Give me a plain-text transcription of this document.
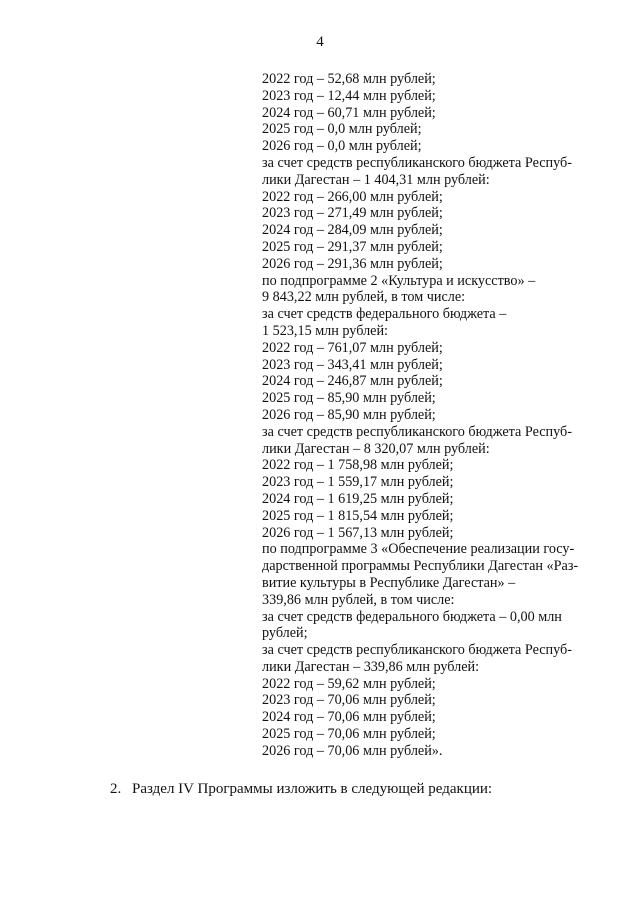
4
2022 год – 52,68 млн рублей;
2023 год – 12,44 млн рублей;
2024 год – 60,71 млн рублей;
2025 год – 0,0 млн рублей;
2026 год – 0,0 млн рублей;
за счет средств республиканского бюджета Респуб-
лики Дагестан – 1 404,31 млн рублей:
2022 год – 266,00 млн рублей;
2023 год – 271,49 млн рублей;
2024 год – 284,09 млн рублей;
2025 год – 291,37 млн рублей;
2026 год – 291,36 млн рублей;
по подпрограмме 2 «Культура и искусство» –
9 843,22 млн рублей, в том числе:
за счет средств федерального бюджета –
1 523,15 млн рублей:
2022 год – 761,07 млн рублей;
2023 год – 343,41 млн рублей;
2024 год – 246,87 млн рублей;
2025 год – 85,90 млн рублей;
2026 год – 85,90 млн рублей;
за счет средств республиканского бюджета Респуб-
лики Дагестан – 8 320,07 млн рублей:
2022 год – 1 758,98 млн рублей;
2023 год – 1 559,17 млн рублей;
2024 год – 1 619,25 млн рублей;
2025 год – 1 815,54 млн рублей;
2026 год – 1 567,13 млн рублей;
по подпрограмме 3 «Обеспечение реализации госу-
дарственной программы Республики Дагестан «Раз-
витие культуры в Республике Дагестан» –
339,86 млн рублей, в том числе:
за счет средств федерального бюджета – 0,00 млн
рублей;
за счет средств республиканского бюджета Респуб-
лики Дагестан – 339,86 млн рублей:
2022 год – 59,62 млн рублей;
2023 год – 70,06 млн рублей;
2024 год – 70,06 млн рублей;
2025 год – 70,06 млн рублей;
2026 год – 70,06 млн рублей».
2. Раздел IV Программы изложить в следующей редакции:
